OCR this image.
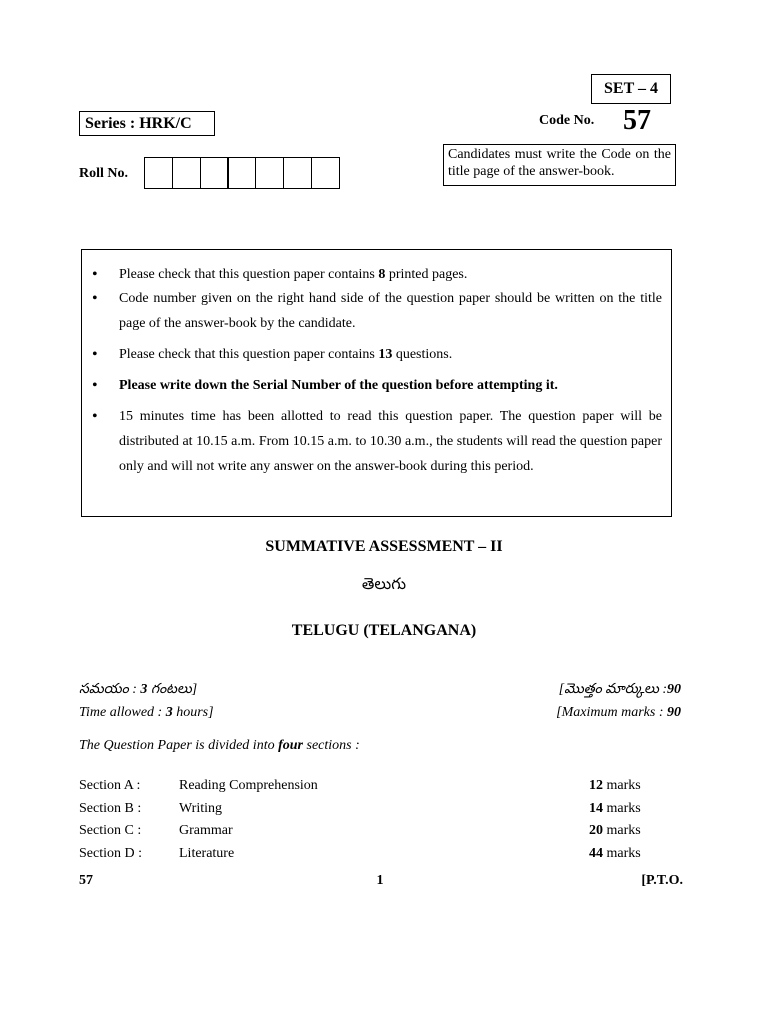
SET – 4
Series : HRK/C	Code No. 57
Roll No.
Candidates must write the Code on the title page of the answer-book.
• Please check that this question paper contains 8 printed pages.
• Code number given on the right hand side of the question paper should be written on the title page of the answer-book by the candidate.
• Please check that this question paper contains 13 questions.
• Please write down the Serial Number of the question before attempting it.
• 15 minutes time has been allotted to read this question paper. The question paper will be distributed at 10.15 a.m. From 10.15 a.m. to 10.30 a.m., the students will read the question paper only and will not write any answer on the answer-book during this period.
SUMMATIVE ASSESSMENT – II
తెలుగు
TELUGU (TELANGANA)
సమయం : 3 గంటలు]
Time allowed : 3 hours]
[మొత్తం మార్కులు :90
[Maximum marks : 90
The Question Paper is divided into four sections :
Section A :	Reading Comprehension	12 marks
Section B :	Writing	14 marks
Section C :	Grammar	20 marks
Section D :	Literature	44 marks
57	1	[P.T.O.
